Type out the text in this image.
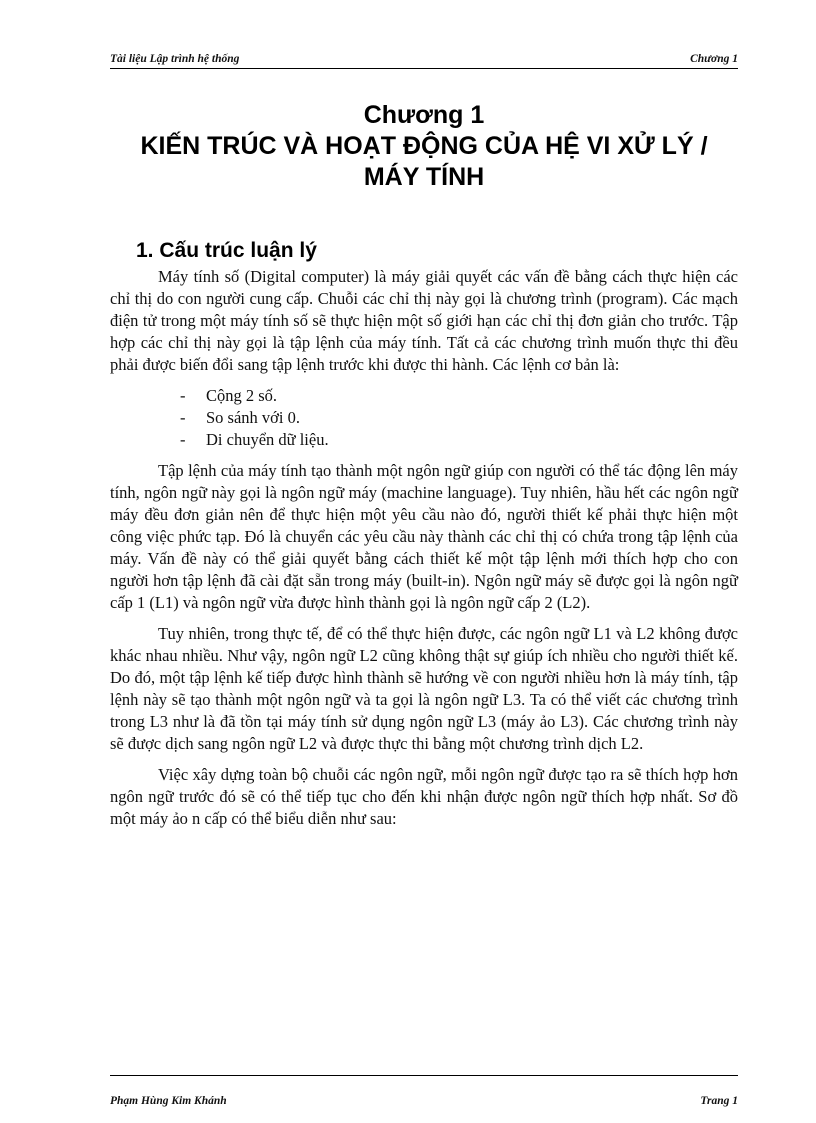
Tài liệu Lập trình hệ thống	Chương 1
Chương 1
KIẾN TRÚC VÀ HOẠT ĐỘNG CỦA HỆ VI XỬ LÝ /
MÁY TÍNH
1. Cấu trúc luận lý

Máy tính số (Digital computer) là máy giải quyết các vấn đề bằng cách thực hiện các chỉ thị do con người cung cấp. Chuỗi các chỉ thị này gọi là chương trình (program). Các mạch điện tử trong một máy tính số sẽ thực hiện một số giới hạn các chỉ thị đơn giản cho trước. Tập hợp các chỉ thị này gọi là tập lệnh của máy tính. Tất cả các chương trình muốn thực thi đều phải được biến đổi sang tập lệnh trước khi được thi hành. Các lệnh cơ bản là:

- Cộng 2 số.
- So sánh với 0.
- Di chuyển dữ liệu.

Tập lệnh của máy tính tạo thành một ngôn ngữ giúp con người có thể tác động lên máy tính, ngôn ngữ này gọi là ngôn ngữ máy (machine language). Tuy nhiên, hầu hết các ngôn ngữ máy đều đơn giản nên để thực hiện một yêu cầu nào đó, người thiết kế phải thực hiện một công việc phức tạp. Đó là chuyển các yêu cầu này thành các chỉ thị có chứa trong tập lệnh của máy. Vấn đề này có thể giải quyết bằng cách thiết kế một tập lệnh mới thích hợp cho con người hơn tập lệnh đã cài đặt sẵn trong máy (built-in). Ngôn ngữ máy sẽ được gọi là ngôn ngữ cấp 1 (L1) và ngôn ngữ vừa được hình thành gọi là ngôn ngữ cấp 2 (L2).

Tuy nhiên, trong thực tế, để có thể thực hiện được, các ngôn ngữ L1 và L2 không được khác nhau nhiều. Như vậy, ngôn ngữ L2 cũng không thật sự giúp ích nhiều cho người thiết kế. Do đó, một tập lệnh kế tiếp được hình thành sẽ hướng về con người nhiều hơn là máy tính, tập lệnh này sẽ tạo thành một ngôn ngữ và ta gọi là ngôn ngữ L3. Ta có thể viết các chương trình trong L3 như là đã tồn tại máy tính sử dụng ngôn ngữ L3 (máy ảo L3). Các chương trình này sẽ được dịch sang ngôn ngữ L2 và được thực thi bằng một chương trình dịch L2.

Việc xây dựng toàn bộ chuỗi các ngôn ngữ, mỗi ngôn ngữ được tạo ra sẽ thích hợp hơn ngôn ngữ trước đó sẽ có thể tiếp tục cho đến khi nhận được ngôn ngữ thích hợp nhất. Sơ đồ một máy ảo n cấp có thể biểu diễn như sau:

Phạm Hùng Kim Khánh	Trang 1
